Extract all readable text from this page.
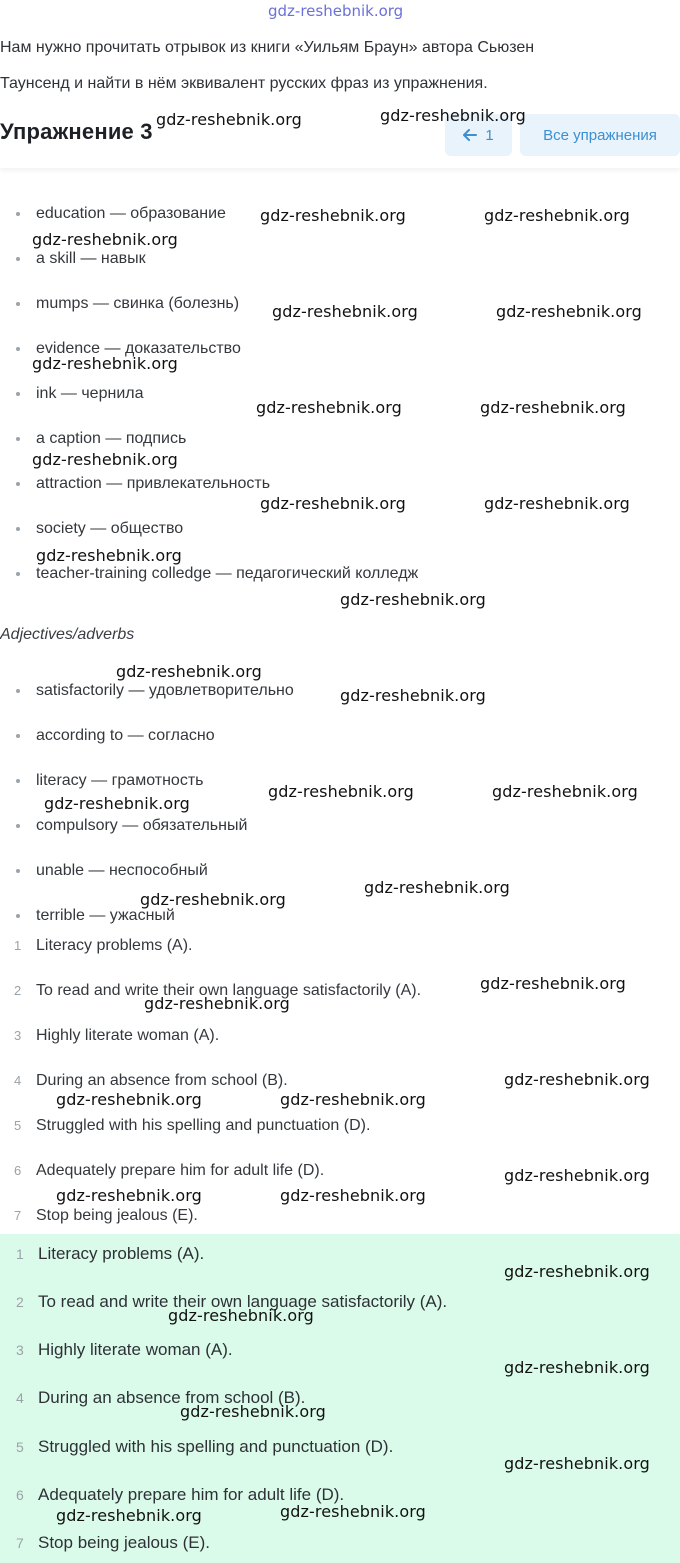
gdz-reshebnik.org
Нам нужно прочитать отрывок из книги «Уильям Браун» автора Сьюзен
Таунсенд и найти в нём эквивалент русских фраз из упражнения.
Упражнение 3	1	Все упражнения
education — образование
a skill — навык
mumps — свинка (болезнь)
evidence — доказательство
ink — чернила
a caption — подпись
attraction — привлекательность
society — общество
teacher-training colledge — педагогический колледж
Adjectives/adverbs
satisfactorily — удовлетворительно
according to — согласно
literacy — грамотность
compulsory — обязательный
unable — неспособный
terrible — ужасный
1 Literacy problems (A).
2 To read and write their own language satisfactorily (A).
3 Highly literate woman (A).
4 During an absence from school (B).
5 Struggled with his spelling and punctuation (D).
6 Adequately prepare him for adult life (D).
7 Stop being jealous (E).
1 Literacy problems (A).
2 To read and write their own language satisfactorily (A).
3 Highly literate woman (A).
4 During an absence from school (B).
5 Struggled with his spelling and punctuation (D).
6 Adequately prepare him for adult life (D).
7 Stop being jealous (E).
gdz-reshebnik.org	gdz-reshebnik.org
gdz-reshebnik.org	gdz-reshebnik.org
gdz-reshebnik.org
gdz-reshebnik.org	gdz-reshebnik.org
gdz-reshebnik.org
gdz-reshebnik.org	gdz-reshebnik.org
gdz-reshebnik.org
gdz-reshebnik.org	gdz-reshebnik.org
gdz-reshebnik.org
gdz-reshebnik.org
gdz-reshebnik.org
gdz-reshebnik.org
gdz-reshebnik.org	gdz-reshebnik.org
gdz-reshebnik.org
gdz-reshebnik.org
gdz-reshebnik.org
gdz-reshebnik.org
gdz-reshebnik.org
gdz-reshebnik.org
gdz-reshebnik.org	gdz-reshebnik.org
gdz-reshebnik.org
gdz-reshebnik.org	gdz-reshebnik.org
gdz-reshebnik.org
gdz-reshebnik.org
gdz-reshebnik.org
gdz-reshebnik.org
gdz-reshebnik.org
gdz-reshebnik.org	gdz-reshebnik.org
